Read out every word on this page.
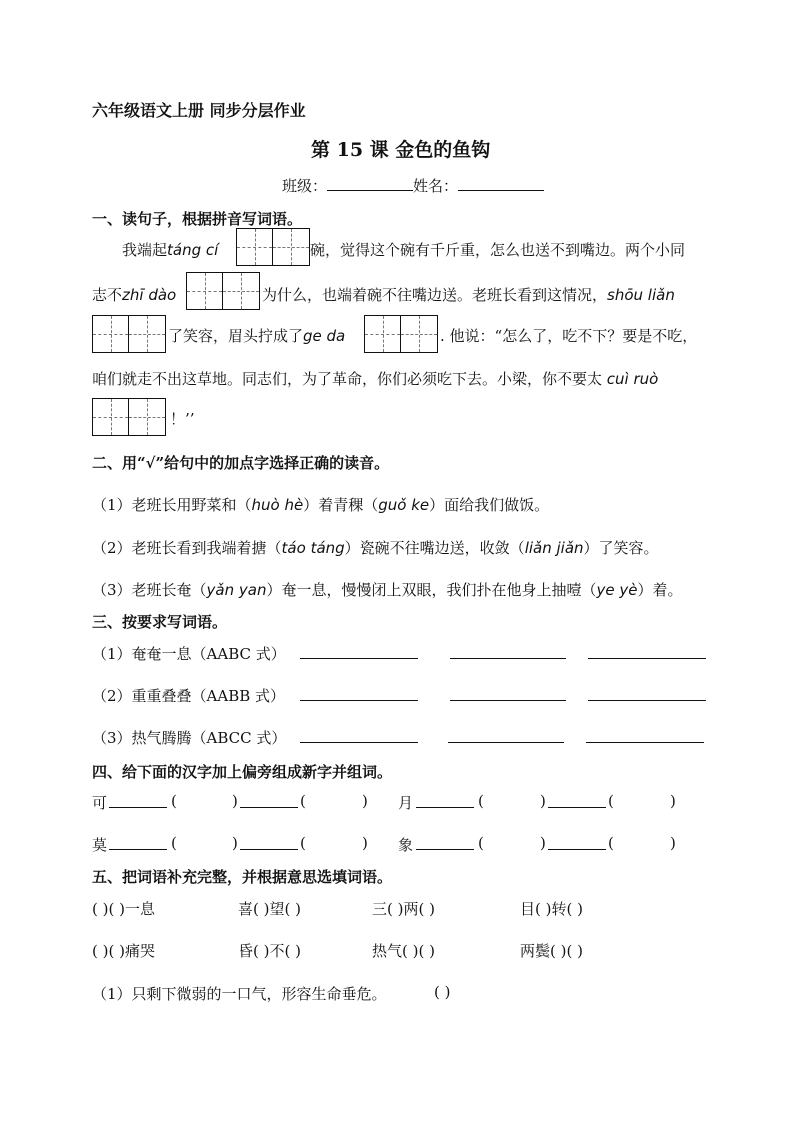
六年级语文上册 同步分层作业
第 15 课 金色的鱼钩
班级：	姓名：
一、读句子，根据拼音写词语。
我端起táng cí	碗，觉得这个碗有千斤重，怎么也送不到嘴边。两个小同
志不zhī dào	为什么，也端着碗不往嘴边送。老班长看到这情况，shōu liǎn
了笑容，眉头拧成了ge da	. 他说：“怎么了，吃不下？要是不吃，
咱们就走不出这草地。同志们，为了革命，你们必须吃下去。小梁，你不要太 cuì ruò
！’’
二、用“√”给句中的加点字选择正确的读音。
（1）老班长用野菜和（huò hè）着青稞（guǒ ke）面给我们做饭。
（2）老班长看到我端着搪（táo táng）瓷碗不往嘴边送，收敛（liǎn jiǎn）了笑容。
（3）老班长奄（yǎn yan）奄一息，慢慢闭上双眼，我们扑在他身上抽噎（ye yè）着。
三、按要求写词语。
（1）奄奄一息（AABC 式）
（2）重重叠叠（AABB 式）
（3）热气腾腾（ABCC 式）
四、给下面的汉字加上偏旁组成新字并组词。
可	(	)	(	) 月	(	)	(	)
莫	(	)	(	) 象	(	)	(	)
五、把词语补充完整，并根据意思选填词语。
( )( )一息	喜( )望( )	三( )两( )	目( )转( )
( )( )痛哭	昏( )不( )	热气( )( )	两鬓( )( )
（1）只剩下微弱的一口气，形容生命垂危。	( )
